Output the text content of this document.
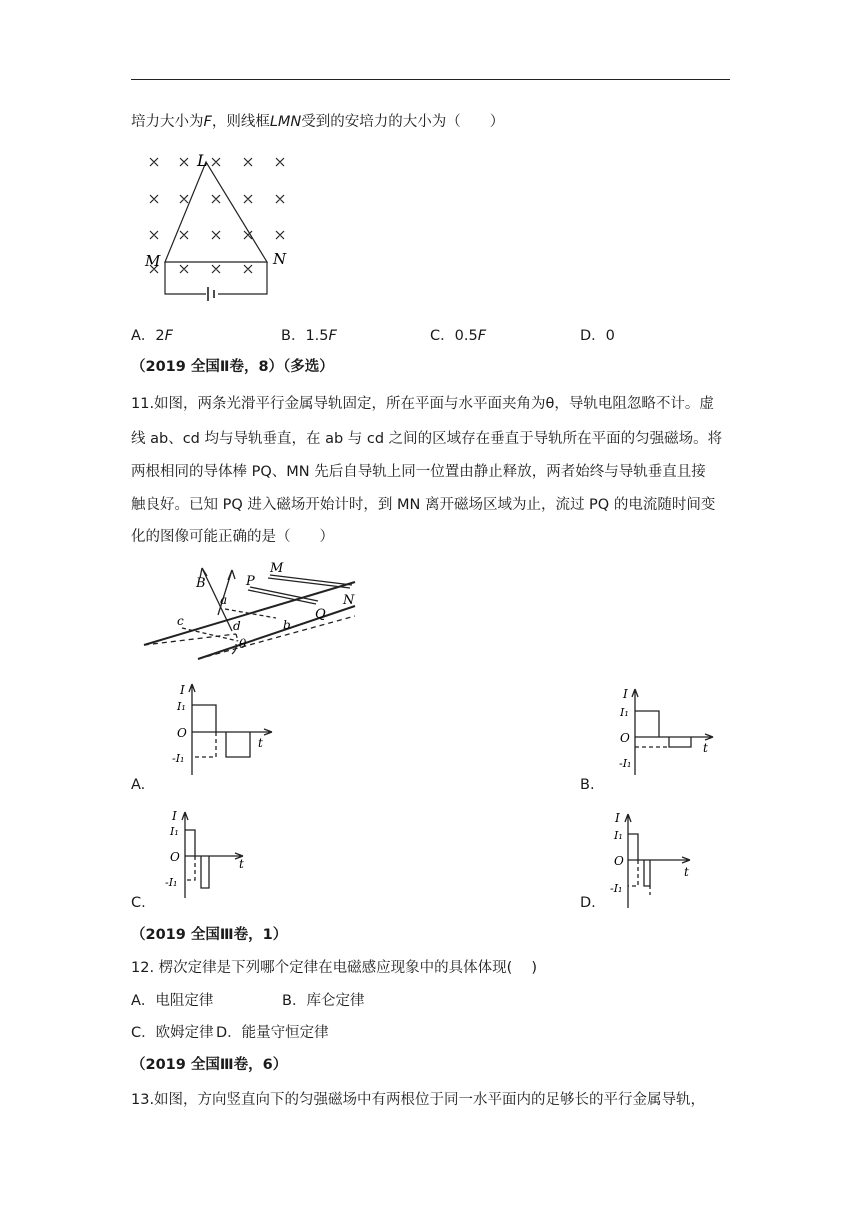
培力大小为F，则线框LMN受到的安培力的大小为（　　）
L
M	N
A．2F	B．1.5F	C．0.5F	D．0
（2019 全国Ⅱ卷，8）（多选）
11.如图，两条光滑平行金属导轨固定，所在平面与水平面夹角为θ，导轨电阻忽略不计。虚
线 ab、cd 均与导轨垂直，在 ab 与 cd 之间的区域存在垂直于导轨所在平面的匀强磁场。将
两根相同的导体棒 PQ、MN 先后自导轨上同一位置由静止释放，两者始终与导轨垂直且接
触良好。已知 PQ 进入磁场开始计时，到 MN 离开磁场区域为止，流过 PQ 的电流随时间变
化的图像可能正确的是（　　）
B	P
M
N
Q
a
b
c	d
θ
I
I₁
O
-I₁
t
A.
I
I₁
O
-I₁
t
B.
I
I₁
O
-I₁
t
C.
I
I₁
O
-I₁
t
D.
（2019 全国Ⅲ卷，1）
12. 楞次定律是下列哪个定律在电磁感应现象中的具体体现(　 )
A．电阻定律	B．库仑定律
C．欧姆定律 D．能量守恒定律
（2019 全国Ⅲ卷，6）
13.如图，方向竖直向下的匀强磁场中有两根位于同一水平面内的足够长的平行金属导轨，
